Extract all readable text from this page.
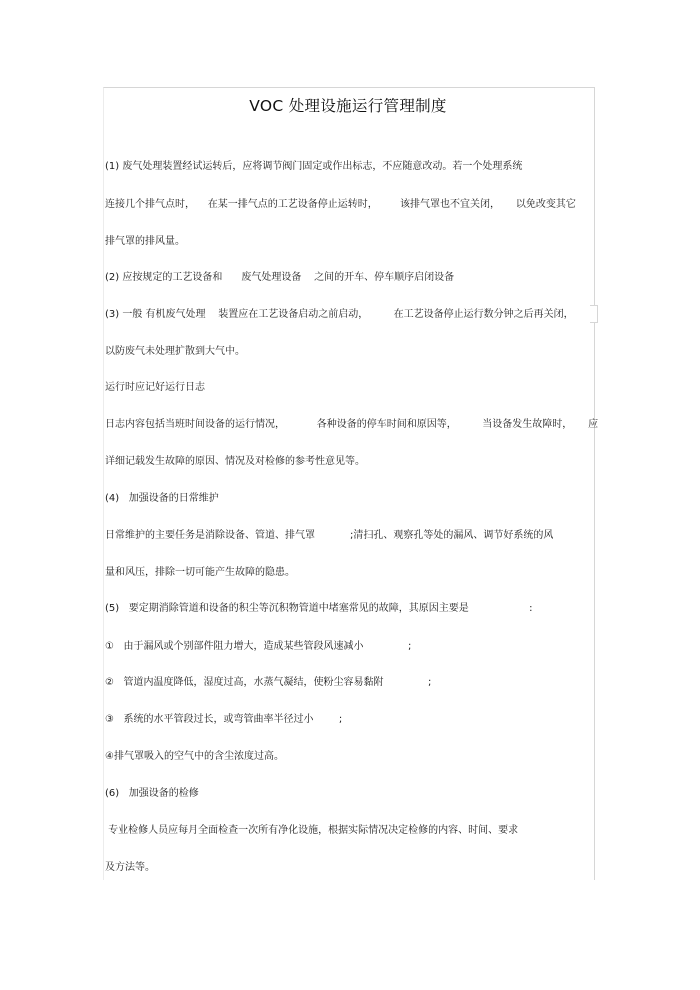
VOC 处理设施运行管理制度
(1) 废气处理装置经试运转后，应将调节阀门固定或作出标志，不应随意改动。若一个处理系统
连接几个排气点时，    在某一排气点的工艺设备停止运转时，       该排气罩也不宜关闭，     以免改变其它
排气罩的排风量。
(2) 应按规定的工艺设备和      废气处理设备    之间的开车、停车顺序启闭设备
(3) 一般 有机废气处理    装置应在工艺设备启动之前启动，        在工艺设备停止运行数分钟之后再关闭，
以防废气未处理扩散到大气中。
运行时应记好运行日志
日志内容包括当班时间设备的运行情况，          各种设备的停车时间和原因等，        当设备发生故障时，     应
详细记载发生故障的原因、情况及对检修的参考性意见等。
(4)   加强设备的日常维护
日常维护的主要任务是消除设备、管道、排气罩           ;清扫孔、观察孔等处的漏风、调节好系统的风
量和风压，排除一切可能产生故障的隐患。
(5)   要定期消除管道和设备的积尘等沉积物管道中堵塞常见的故障，其原因主要是                   :
①   由于漏风或个别部件阻力增大，造成某些管段风速减小              ;
②   管道内温度降低，湿度过高，水蒸气凝结，使粉尘容易黏附              ;
③   系统的水平管段过长，或弯管曲率半径过小        ;
④排气罩吸入的空气中的含尘浓度过高。
(6)   加强设备的检修
专业检修人员应每月全面检查一次所有净化设施，根据实际情况决定检修的内容、时间、要求
及方法等。
